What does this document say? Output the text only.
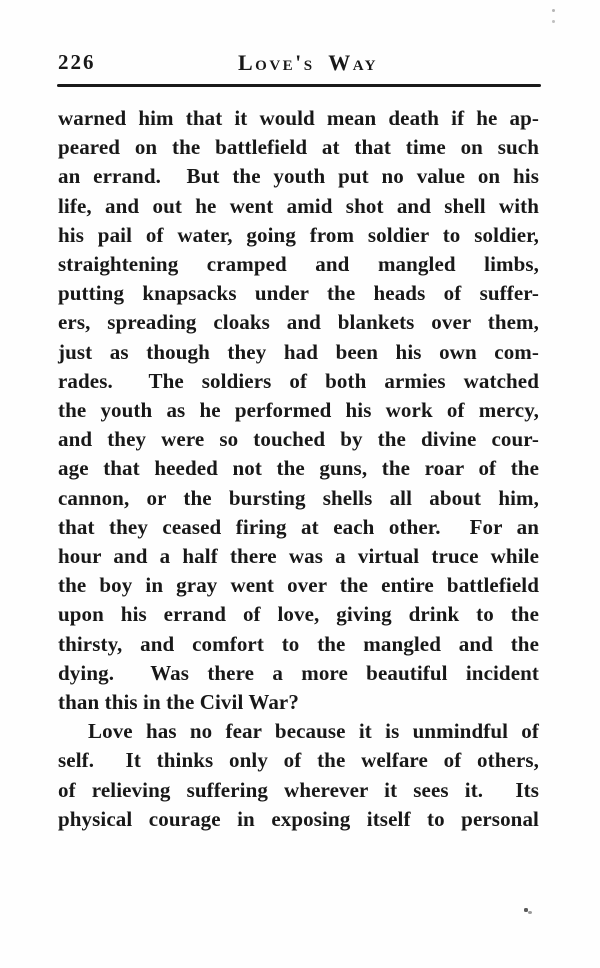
226	Love's Way
warned him that it would mean death if he ap-
peared on the battlefield at that time on such
an errand.  But the youth put no value on his
life, and out he went amid shot and shell with
his pail of water, going from soldier to soldier,
straightening cramped and mangled limbs,
putting knapsacks under the heads of suffer-
ers, spreading cloaks and blankets over them,
just as though they had been his own com-
rades.  The soldiers of both armies watched
the youth as he performed his work of mercy,
and they were so touched by the divine cour-
age that heeded not the guns, the roar of the
cannon, or the bursting shells all about him,
that they ceased firing at each other.  For an
hour and a half there was a virtual truce while
the boy in gray went over the entire battlefield
upon his errand of love, giving drink to the
thirsty, and comfort to the mangled and the
dying.  Was there a more beautiful incident
than this in the Civil War?
Love has no fear because it is unmindful of
self.  It thinks only of the welfare of others,
of relieving suffering wherever it sees it.  Its
physical courage in exposing itself to personal
